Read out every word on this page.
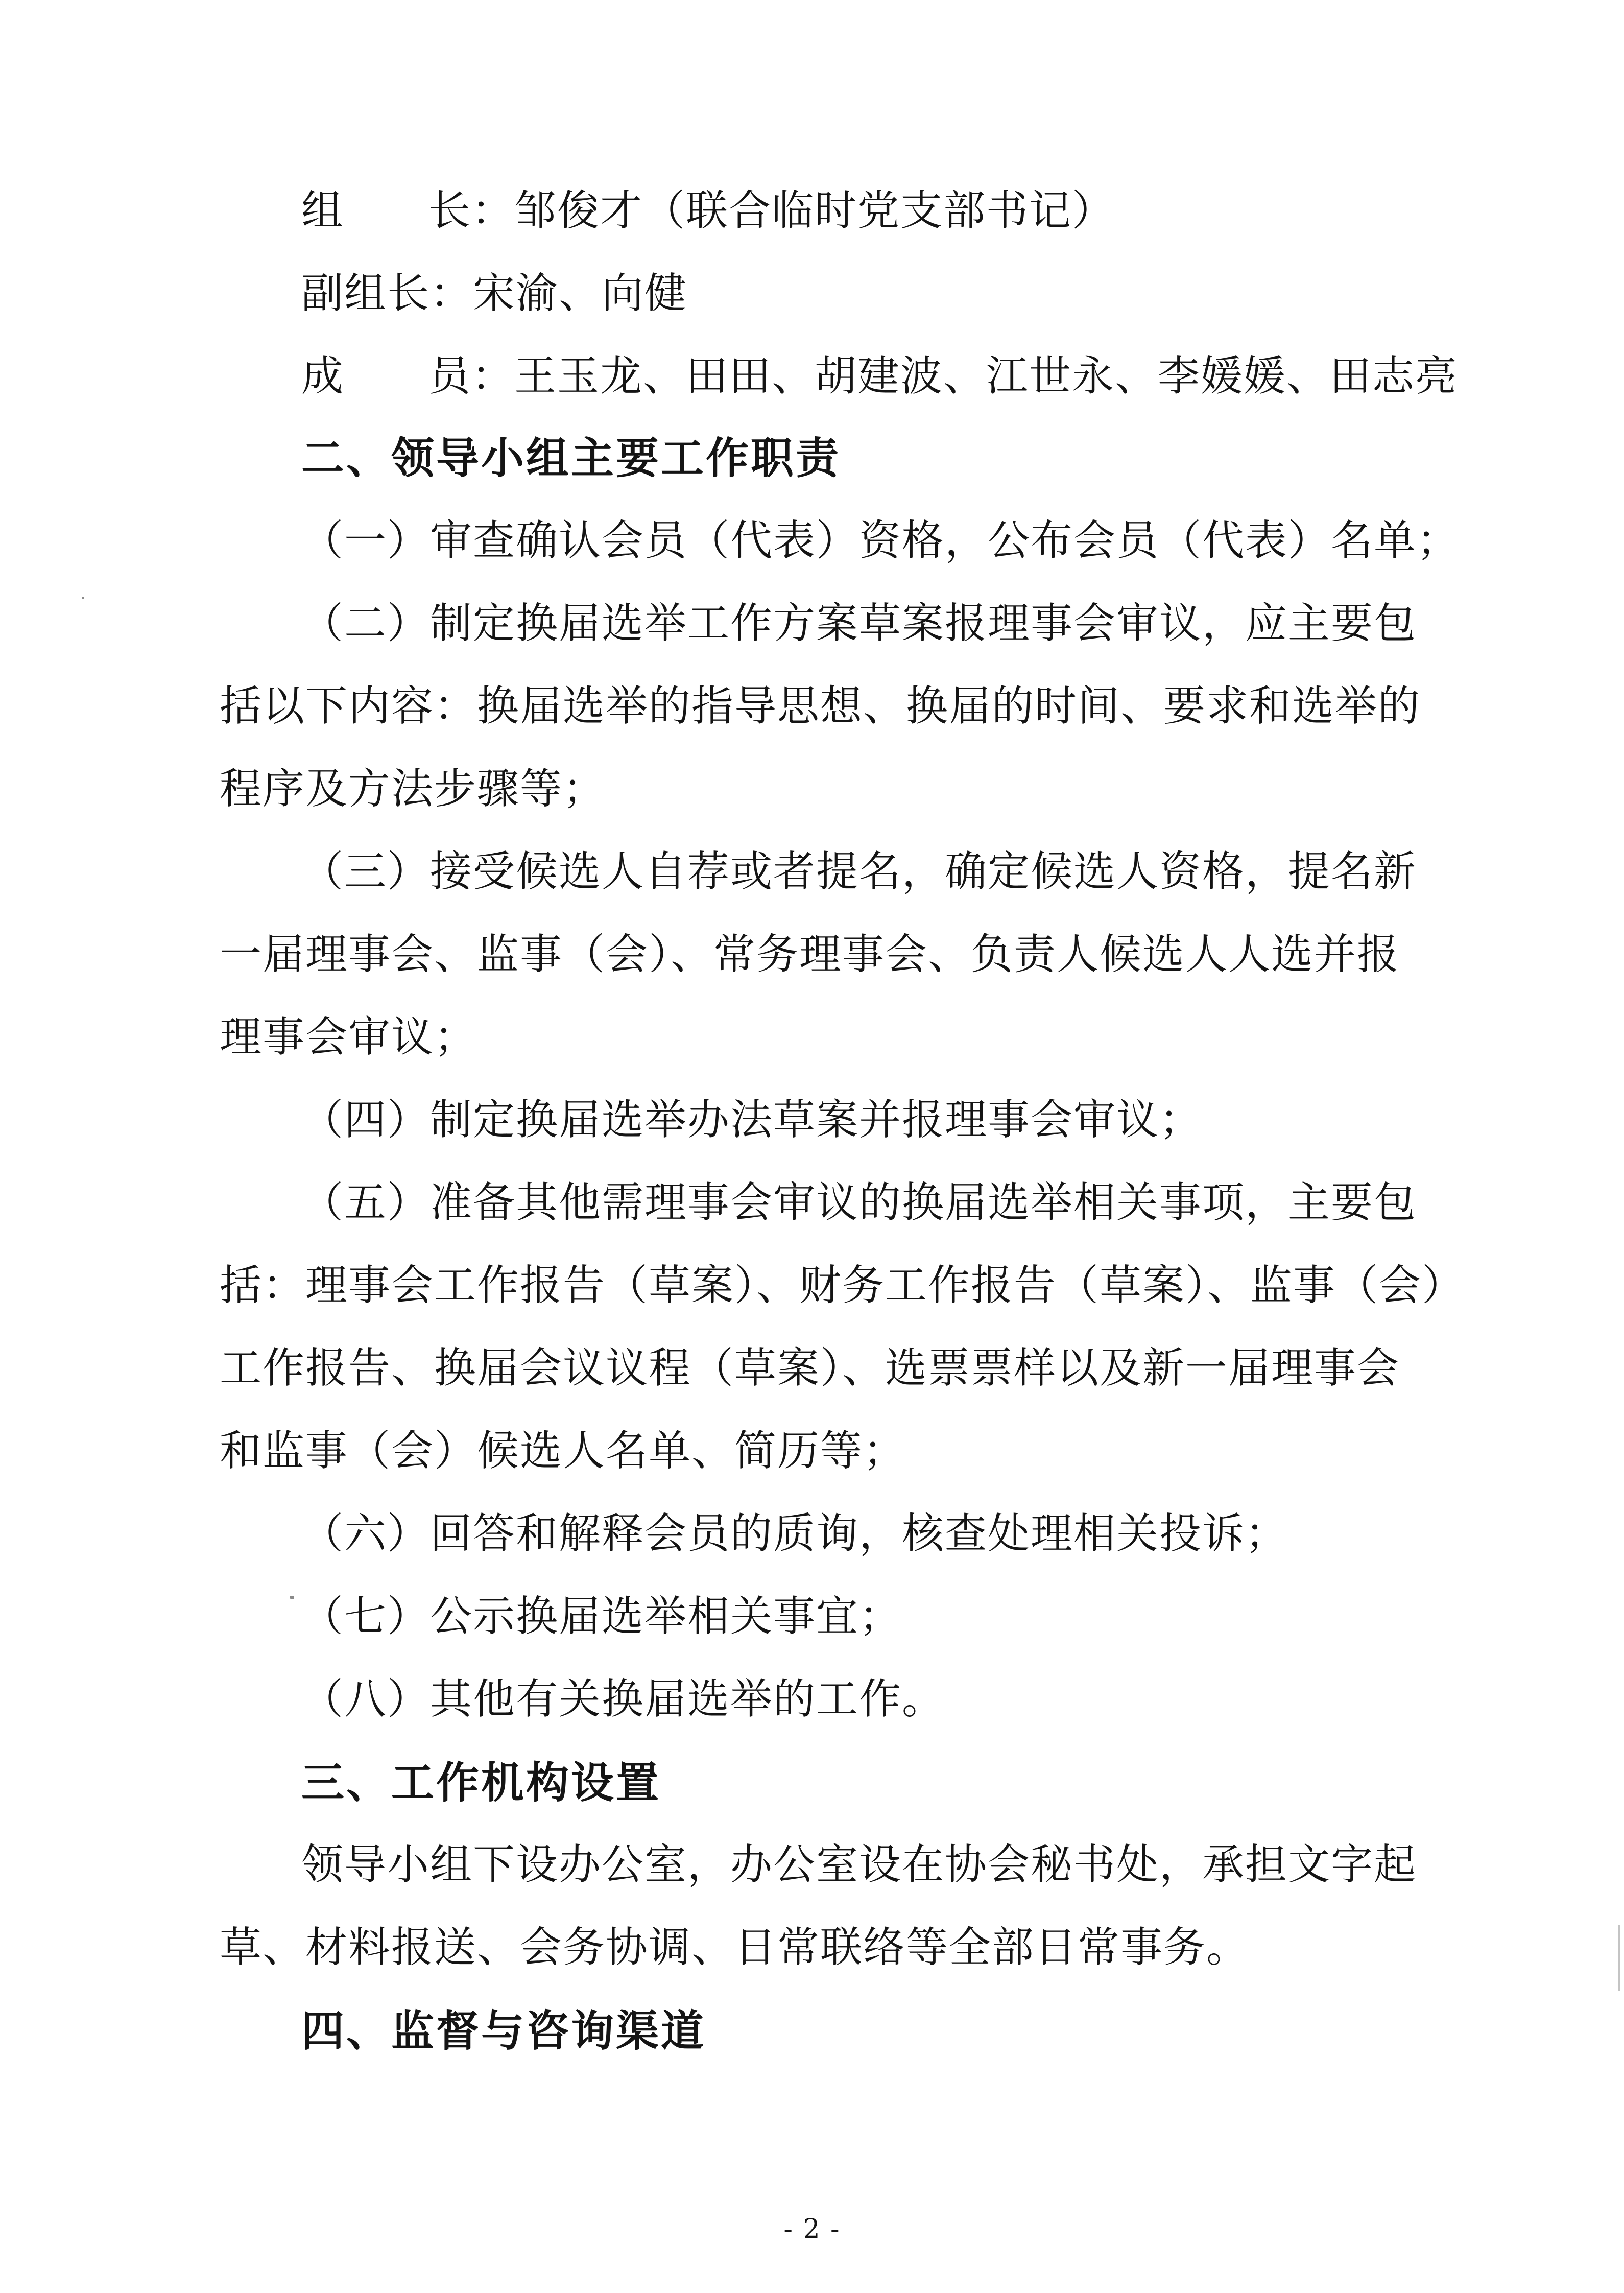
组 长：邹俊才（联合临时党支部书记）
副组长：宋渝、向健
成 员：王玉龙、田田、胡建波、江世永、李媛媛、田志亮
二、领导小组主要工作职责
（一）审查确认会员（代表）资格，公布会员（代表）名单；
（二）制定换届选举工作方案草案报理事会审议，应主要包
括以下内容：换届选举的指导思想、换届的时间、要求和选举的
程序及方法步骤等；
（三）接受候选人自荐或者提名，确定候选人资格，提名新
一届理事会、监事（会）、常务理事会、负责人候选人人选并报
理事会审议；
（四）制定换届选举办法草案并报理事会审议；
（五）准备其他需理事会审议的换届选举相关事项，主要包
括：理事会工作报告（草案）、财务工作报告（草案）、监事（会）
工作报告、换届会议议程（草案）、选票票样以及新一届理事会
和监事（会）候选人名单、简历等；
（六）回答和解释会员的质询，核查处理相关投诉；
（七）公示换届选举相关事宜；
（八）其他有关换届选举的工作。
三、工作机构设置
领导小组下设办公室，办公室设在协会秘书处，承担文字起
草、材料报送、会务协调、日常联络等全部日常事务。
四、监督与咨询渠道
- 2 -
